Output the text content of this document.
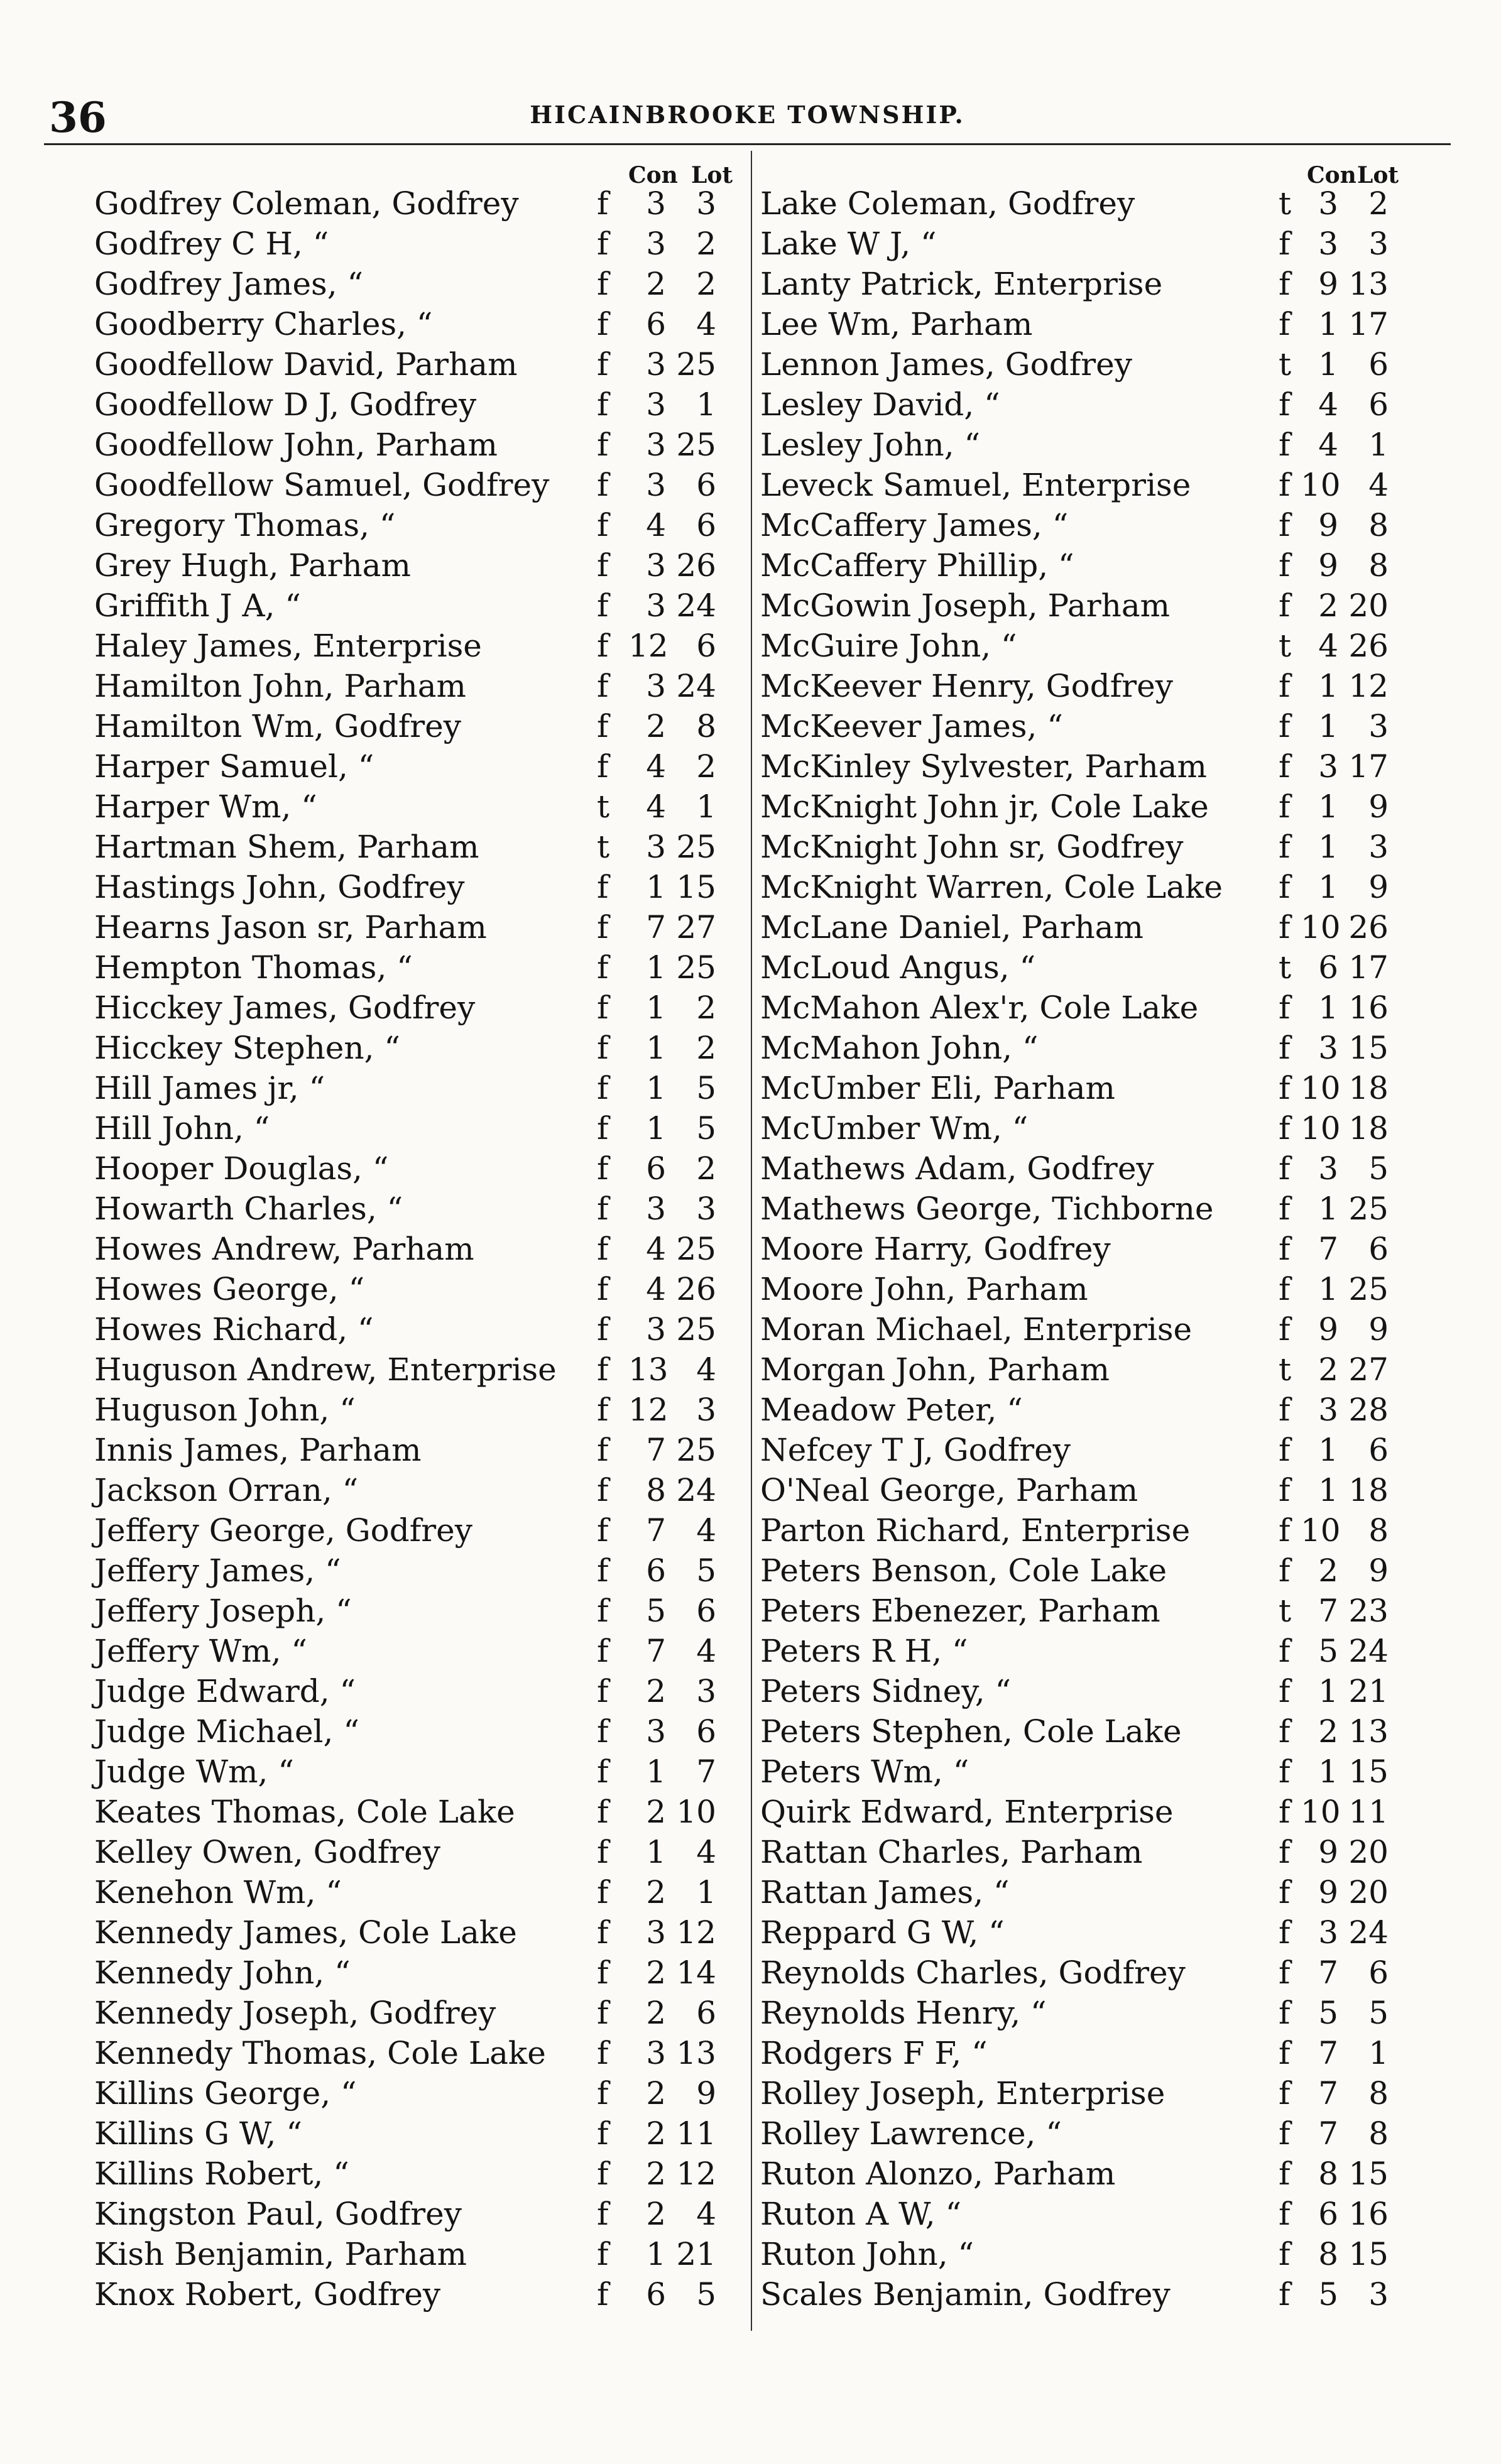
36	HICAINBROOKE TOWNSHIP.
Con Lot
Godfrey Coleman, Godfrey f	3 3
Godfrey C H, “	f	3 2
Godfrey James, “	f	2 2
Goodberry Charles, “	f	6 4
Goodfellow David, Parham	f	3 25
Goodfellow D J, Godfrey	f	3 1
Goodfellow John, Parham	f	3 25
Goodfellow Samuel, Godfrey f	3 6
Gregory Thomas, “	f	4 6
Grey Hugh, Parham	f	3 26
Griffith J A, “	f	3 24
Haley James, Enterprise	f 12 6
Hamilton John, Parham	f	3 24
Hamilton Wm, Godfrey	f	2 8
Harper Samuel, “	f	4 2
Harper Wm, “	t	4 1
Hartman Shem, Parham	t	3 25
Hastings John, Godfrey	f	1 15
Hearns Jason sr, Parham	f	7 27
Hempton Thomas, “	f	1 25
Hicckey James, Godfrey	f	1 2
Hicckey Stephen, “	f	1 2
Hill James jr, “	f	1 5
Hill John, “	f	1 5
Hooper Douglas, “	f	6 2
Howarth Charles, “	f	3 3
Howes Andrew, Parham	f	4 25
Howes George, “	f	4 26
Howes Richard, “	f	3 25
Huguson Andrew, Enterprise f 13 4
Huguson John, “	f 12 3
Innis James, Parham	f	7 25
Jackson Orran, “	f	8 24
Jeffery George, Godfrey	f	7 4
Jeffery James, “	f	6 5
Jeffery Joseph, “	f	5 6
Jeffery Wm, “	f	7 4
Judge Edward, “	f	2 3
Judge Michael, “	f	3 6
Judge Wm, “	f	1 7
Keates Thomas, Cole Lake	f	2 10
Kelley Owen, Godfrey	f	1 4
Kenehon Wm, “	f	2 1
Kennedy James, Cole Lake	f	3 12
Kennedy John, “	f	2 14
Kennedy Joseph, Godfrey	f	2 6
Kennedy Thomas, Cole Lake f	3 13
Killins George, “	f	2 9
Killins G W, “	f	2 11
Killins Robert, “	f	2 12
Kingston Paul, Godfrey	f	2 4
Kish Benjamin, Parham	f	1 21
Knox Robert, Godfrey	f	6 5
Con Lot
Lake Coleman, Godfrey	t 3 2
Lake W J, “	f 3 3
Lanty Patrick, Enterprise	f 9 13
Lee Wm, Parham	f 1 17
Lennon James, Godfrey	t 1 6
Lesley David, “	f 4 6
Lesley John, “	f 4 1
Leveck Samuel, Enterprise	f 10 4
McCaffery James, “	f 9 8
McCaffery Phillip, “	f 9 8
McGowin Joseph, Parham	f 2 20
McGuire John, “	t 4 26
McKeever Henry, Godfrey	f 1 12
McKeever James, “	f 1 3
McKinley Sylvester, Parham f 3 17
McKnight John jr, Cole Lake f 1 9
McKnight John sr, Godfrey	f 1 3
McKnight Warren, Cole Lake f 1 9
McLane Daniel, Parham	f 10 26
McLoud Angus, “	t 6 17
McMahon Alex'r, Cole Lake	f 1 16
McMahon John, “	f 3 15
McUmber Eli, Parham	f 10 18
McUmber Wm, “	f 10 18
Mathews Adam, Godfrey	f 3 5
Mathews George, Tichborne f 1 25
Moore Harry, Godfrey	f 7 6
Moore John, Parham	f 1 25
Moran Michael, Enterprise	f 9 9
Morgan John, Parham	t 2 27
Meadow Peter, “	f 3 28
Nefcey T J, Godfrey	f 1 6
O'Neal George, Parham	f 1 18
Parton Richard, Enterprise	f 10 8
Peters Benson, Cole Lake	f 2 9
Peters Ebenezer, Parham	t 7 23
Peters R H, “	f 5 24
Peters Sidney, “	f 1 21
Peters Stephen, Cole Lake	f 2 13
Peters Wm, “	f 1 15
Quirk Edward, Enterprise	f 10 11
Rattan Charles, Parham	f 9 20
Rattan James, “	f 9 20
Reppard G W, “	f 3 24
Reynolds Charles, Godfrey	f 7 6
Reynolds Henry, “	f 5 5
Rodgers F F, “	f 7 1
Rolley Joseph, Enterprise	f 7 8
Rolley Lawrence, “	f 7 8
Ruton Alonzo, Parham	f 8 15
Ruton A W, “	f 6 16
Ruton John, “	f 8 15
Scales Benjamin, Godfrey	f 5 3
